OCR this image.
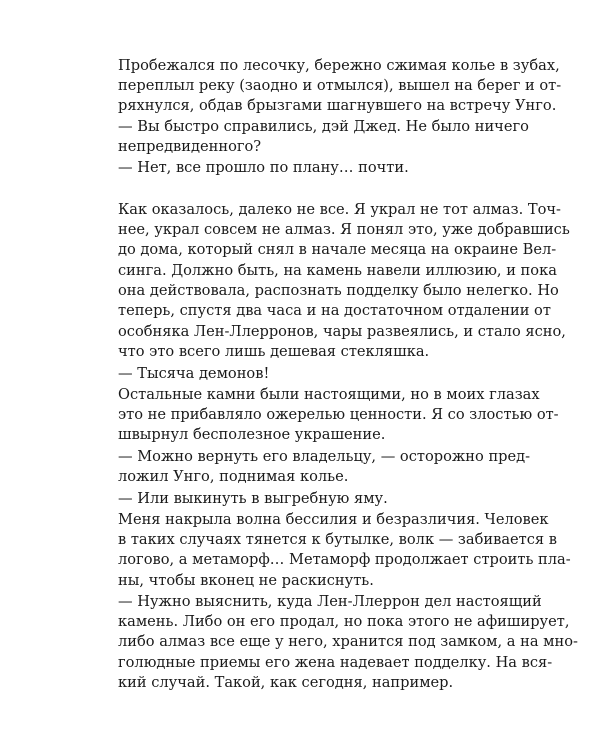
Пробежался по лесочку, бережно сжимая колье в зубах,
переплыл реку (заодно и отмылся), вышел на берег и от-
ряхнулся, обдав брызгами шагнувшего на встречу Унго.
— Вы быстро справились, дэй Джед. Не было ничего
непредвиденного?
— Нет, все прошло по плану… почти.
Как оказалось, далеко не все. Я украл не тот алмаз. Точ-
нее, украл совсем не алмаз. Я понял это, уже добравшись
до дома, который снял в начале месяца на окраине Вел-
синга. Должно быть, на камень навели иллюзию, и пока
она действовала, распознать подделку было нелегко. Но
теперь, спустя два часа и на достаточном отдалении от
особняка Лен-Ллерронов, чары развеялись, и стало ясно,
что это всего лишь дешевая стекляшка.
— Тысяча демонов!
Остальные камни были настоящими, но в моих глазах
это не прибавляло ожерелью ценности. Я со злостью от-
швырнул бесполезное украшение.
— Можно вернуть его владельцу, — осторожно пред-
ложил Унго, поднимая колье.
— Или выкинуть в выгребную яму.
Меня накрыла волна бессилия и безразличия. Человек
в таких случаях тянется к бутылке, волк — забивается в
логово, а метаморф… Метаморф продолжает строить пла-
ны, чтобы вконец не раскиснуть.
— Нужно выяснить, куда Лен-Ллеррон дел настоящий
камень. Либо он его продал, но пока этого не афиширует,
либо алмаз все еще у него, хранится под замком, а на мно-
голюдные приемы его жена надевает подделку. На вся-
кий случай. Такой, как сегодня, например.
